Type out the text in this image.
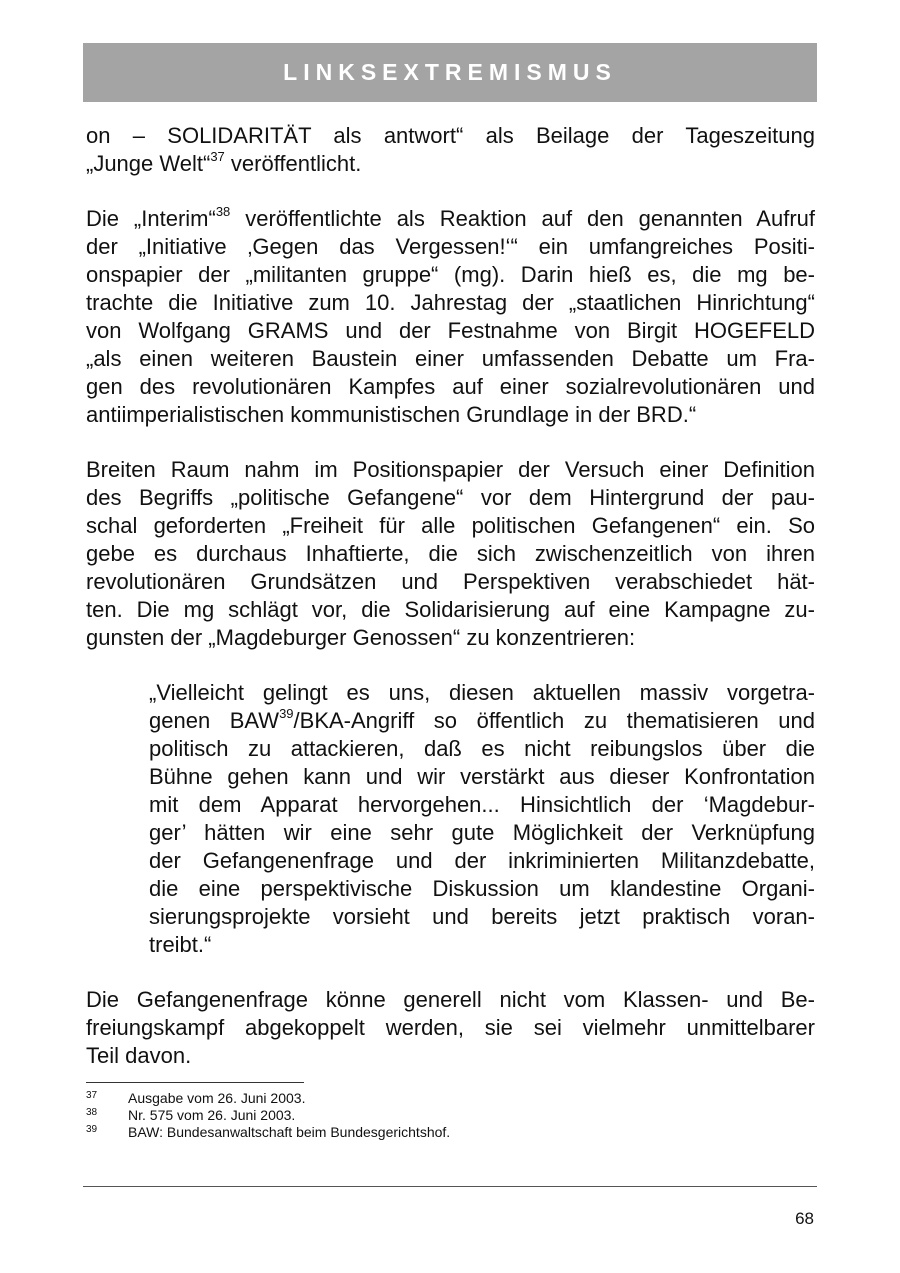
LINKSEXTREMISMUS
on – SOLIDARITÄT als antwort“ als Beilage der Tageszeitung
„Junge Welt“$^{37}$ veröffentlicht.
Die „Interim“$^{38}$ veröffentlichte als Reaktion auf den genannten Aufruf
der „Initiative ‚Gegen das Vergessen!‘“ ein umfangreiches Positi-
onspapier der „militanten gruppe“ (mg). Darin hieß es, die mg be-
trachte die Initiative zum 10. Jahrestag der „staatlichen Hinrichtung“
von Wolfgang GRAMS und der Festnahme von Birgit HOGEFELD
„als einen weiteren Baustein einer umfassenden Debatte um Fra-
gen des revolutionären Kampfes auf einer sozialrevolutionären und
antiimperialistischen kommunistischen Grundlage in der BRD.“
Breiten Raum nahm im Positionspapier der Versuch einer Definition
des Begriffs „politische Gefangene“ vor dem Hintergrund der pau-
schal geforderten „Freiheit für alle politischen Gefangenen“ ein. So
gebe es durchaus Inhaftierte, die sich zwischenzeitlich von ihren
revolutionären Grundsätzen und Perspektiven verabschiedet hät-
ten. Die mg schlägt vor, die Solidarisierung auf eine Kampagne zu-
gunsten der „Magdeburger Genossen“ zu konzentrieren:
„Vielleicht gelingt es uns, diesen aktuellen massiv vorgetra-
genen BAW$^{39}$/BKA-Angriff so öffentlich zu thematisieren und
politisch zu attackieren, daß es nicht reibungslos über die
Bühne gehen kann und wir verstärkt aus dieser Konfrontation
mit dem Apparat hervorgehen... Hinsichtlich der ‘Magdebur-
ger’ hätten wir eine sehr gute Möglichkeit der Verknüpfung
der Gefangenenfrage und der inkriminierten Militanzdebatte,
die eine perspektivische Diskussion um klandestine Organi-
sierungsprojekte vorsieht und bereits jetzt praktisch voran-
treibt.“
Die Gefangenenfrage könne generell nicht vom Klassen- und Be-
freiungskampf abgekoppelt werden, sie sei vielmehr unmittelbarer
Teil davon.
37	Ausgabe vom 26. Juni 2003.
38	Nr. 575 vom 26. Juni 2003.
39	BAW: Bundesanwaltschaft beim Bundesgerichtshof.
68
